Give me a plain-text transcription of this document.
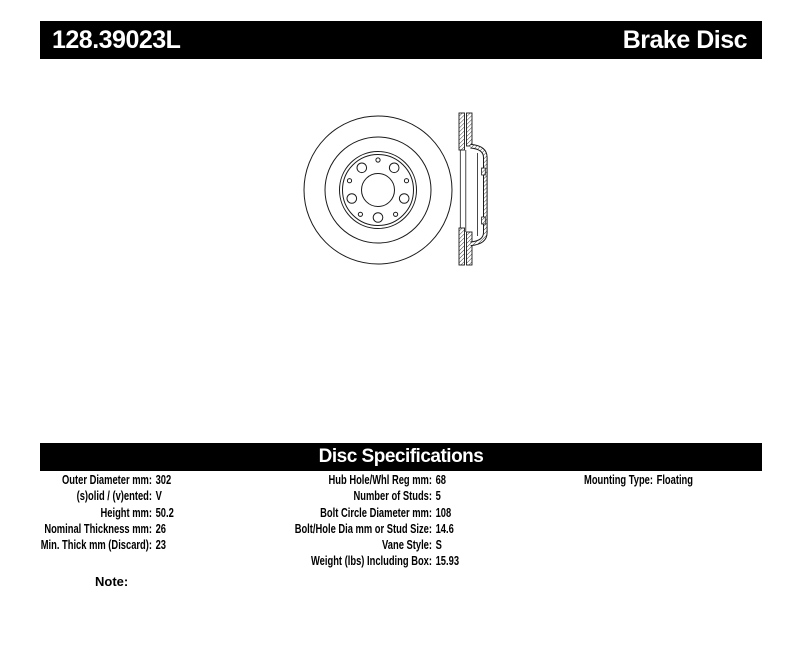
128.39023L	Brake Disc
Disc Specifications
Outer Diameter mm: 302
(s)olid / (v)ented: V
Height mm: 50.2
Nominal Thickness mm: 26
Min. Thick mm (Discard): 23
Hub Hole/Whl Reg mm: 68
Number of Studs: 5
Bolt Circle Diameter mm: 108
Bolt/Hole Dia mm or Stud Size: 14.6
Vane Style: S
Weight (lbs) Including Box: 15.93
Mounting Type: Floating
Note:
